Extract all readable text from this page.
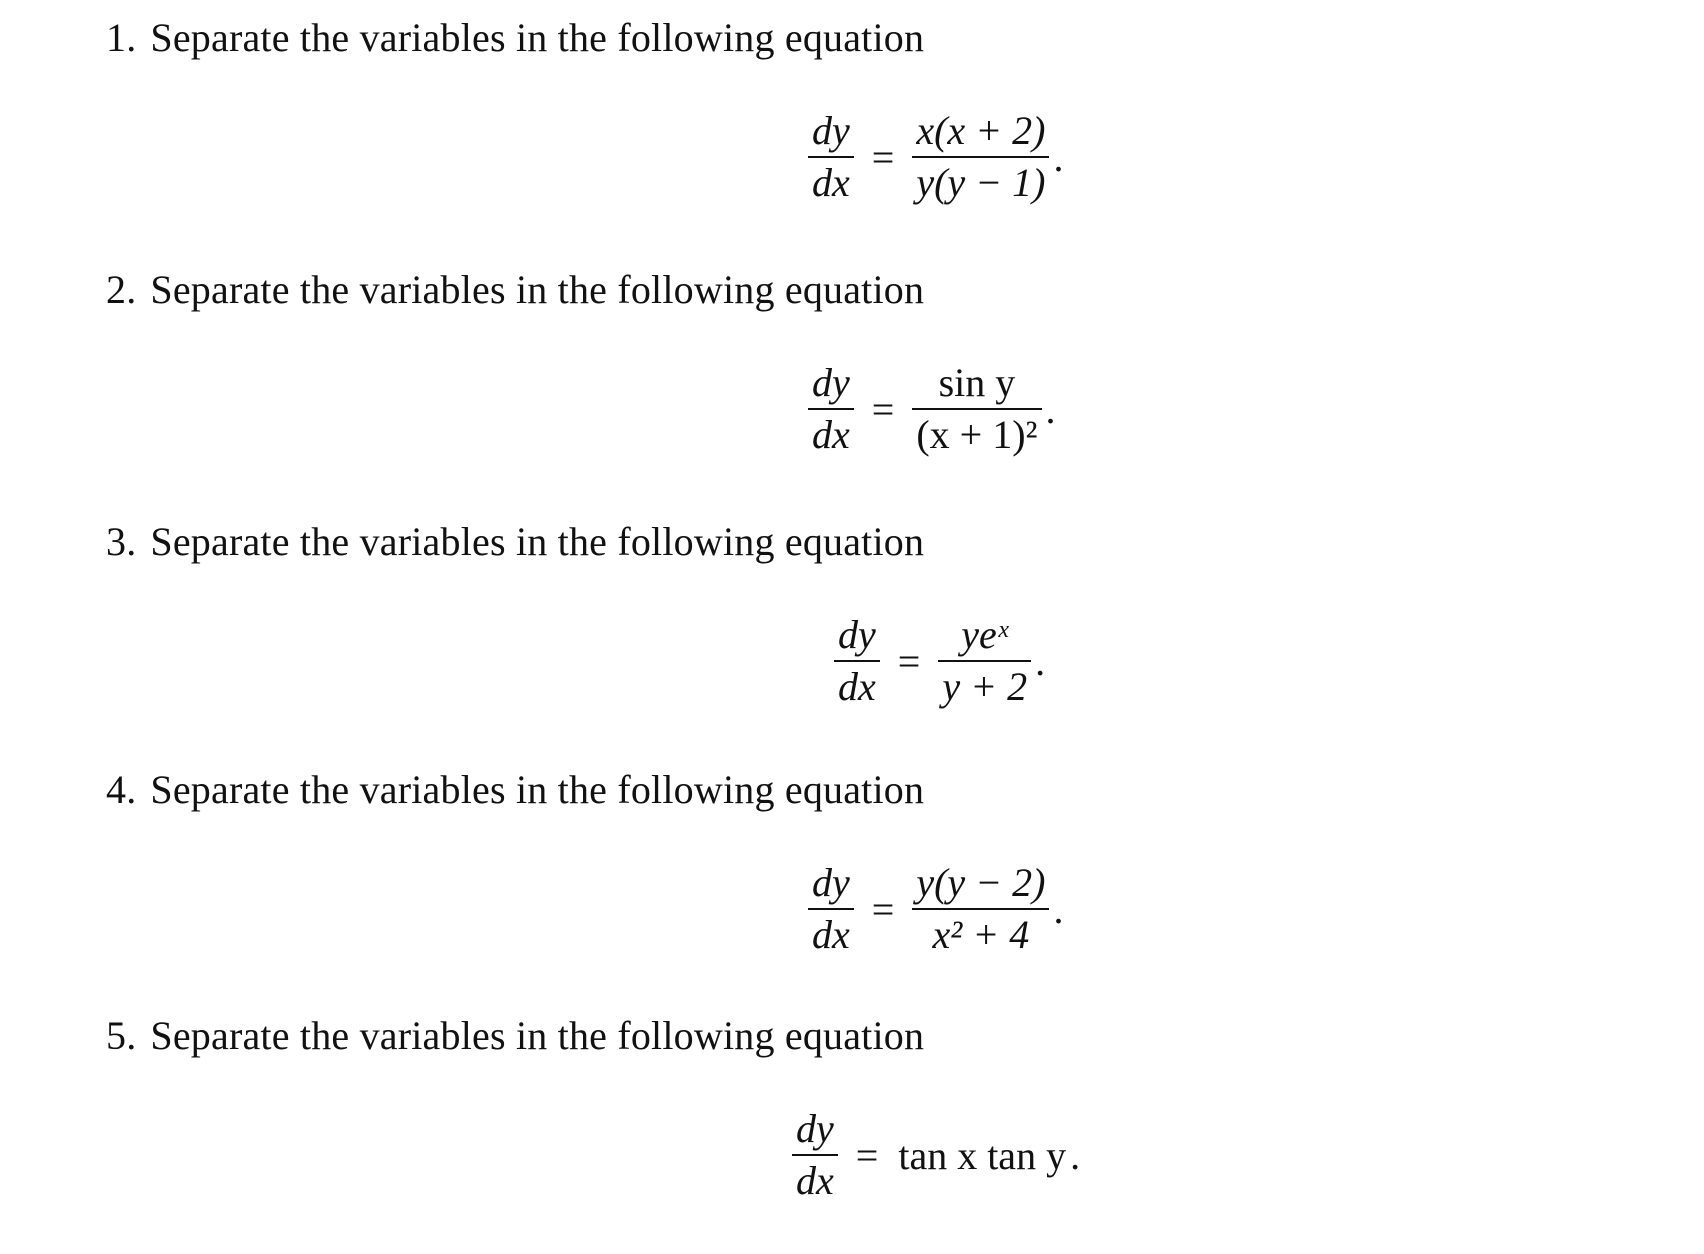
1. Separate the variables in the following equation
$\frac{dy}{dx} = \frac{x(x + 2)}{y(y - 1)}$ .
2. Separate the variables in the following equation
$\frac{dy}{dx} = \frac{\text{sin y}}{\text{(x + 1)²}}$ .
3. Separate the variables in the following equation
$\frac{dy}{dx} = \frac{\text{yeˣ}}{y + 2}$ .
4. Separate the variables in the following equation
$\frac{dy}{dx} = \frac{y(y - 2)}{\text{x² + 4}}$ .
5. Separate the variables in the following equation
$\frac{dy}{dx} = \tan x$ tan y .
